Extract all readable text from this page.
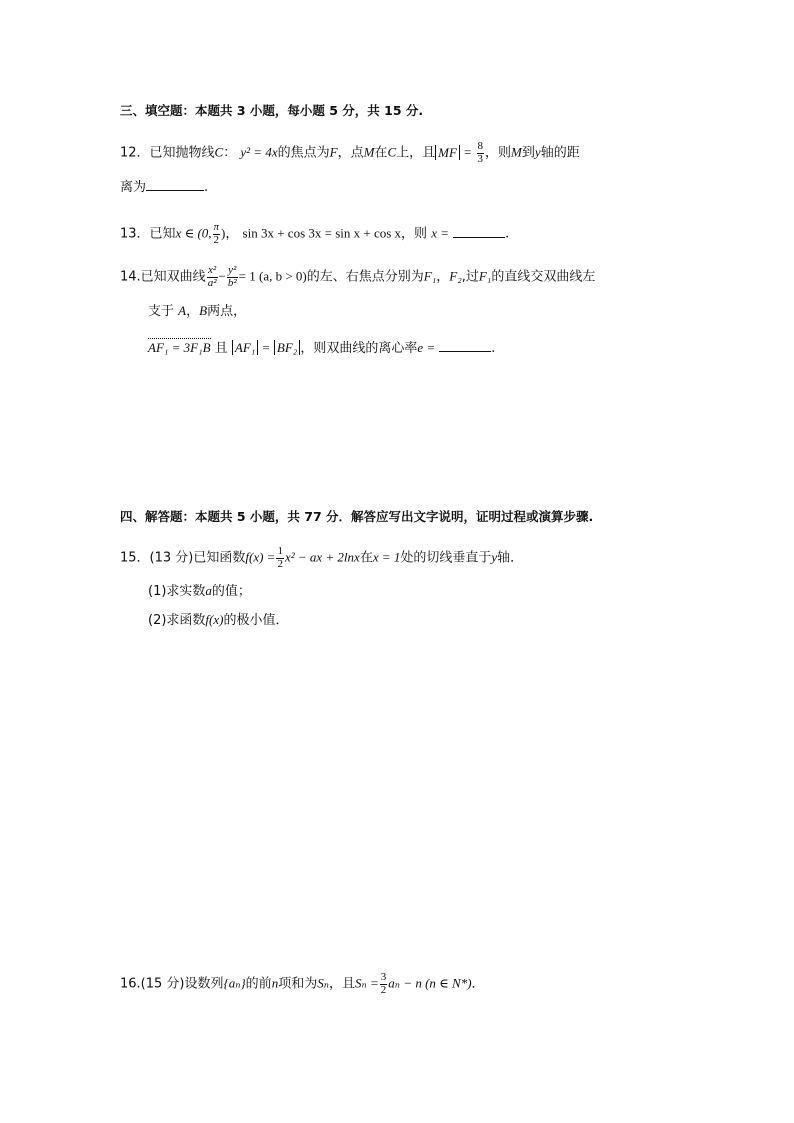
三、填空题：本题共 3 小题，每小题 5 分，共 15 分.
12．已知抛物线C： y² = 4x的焦点为F，点M在C上，且 MF = $\frac{8}{3}$ ，则M到y轴的距
离为	.
13．已知x ∈ (0, $\frac{\pi}{2}$ )， sin 3x + cos 3x = sin x + cos x，则 x =	.
14.已知双曲线 $\frac{\text{x²}}{\text{a²}} - \frac{\text{y²}}{\text{b²}} = 1$ (a, b > 0)的左、右焦点分别为F₁，F₂,过F₁的直线交双曲线左
支于 A，B两点，
AF₁ = 3F₁B 且 AF₁ = BF₂ ，则双曲线的离心率e =	.
四、解答题：本题共 5 小题，共 77 分．解答应写出文字说明，证明过程或演算步骤.
15．(13 分)已知函数$f(x) = \frac{1}{2} x^2$ − ax + 2lnx在x = 1处的切线垂直于y轴．
(1)求实数a的值；
(2)求函数f(x)的极小值．
16.(15 分)设数列{aₙ}的前n项和为Sₙ，且$S_n = \frac{3}{2}$ aₙ − n (n ∈ N*)．
